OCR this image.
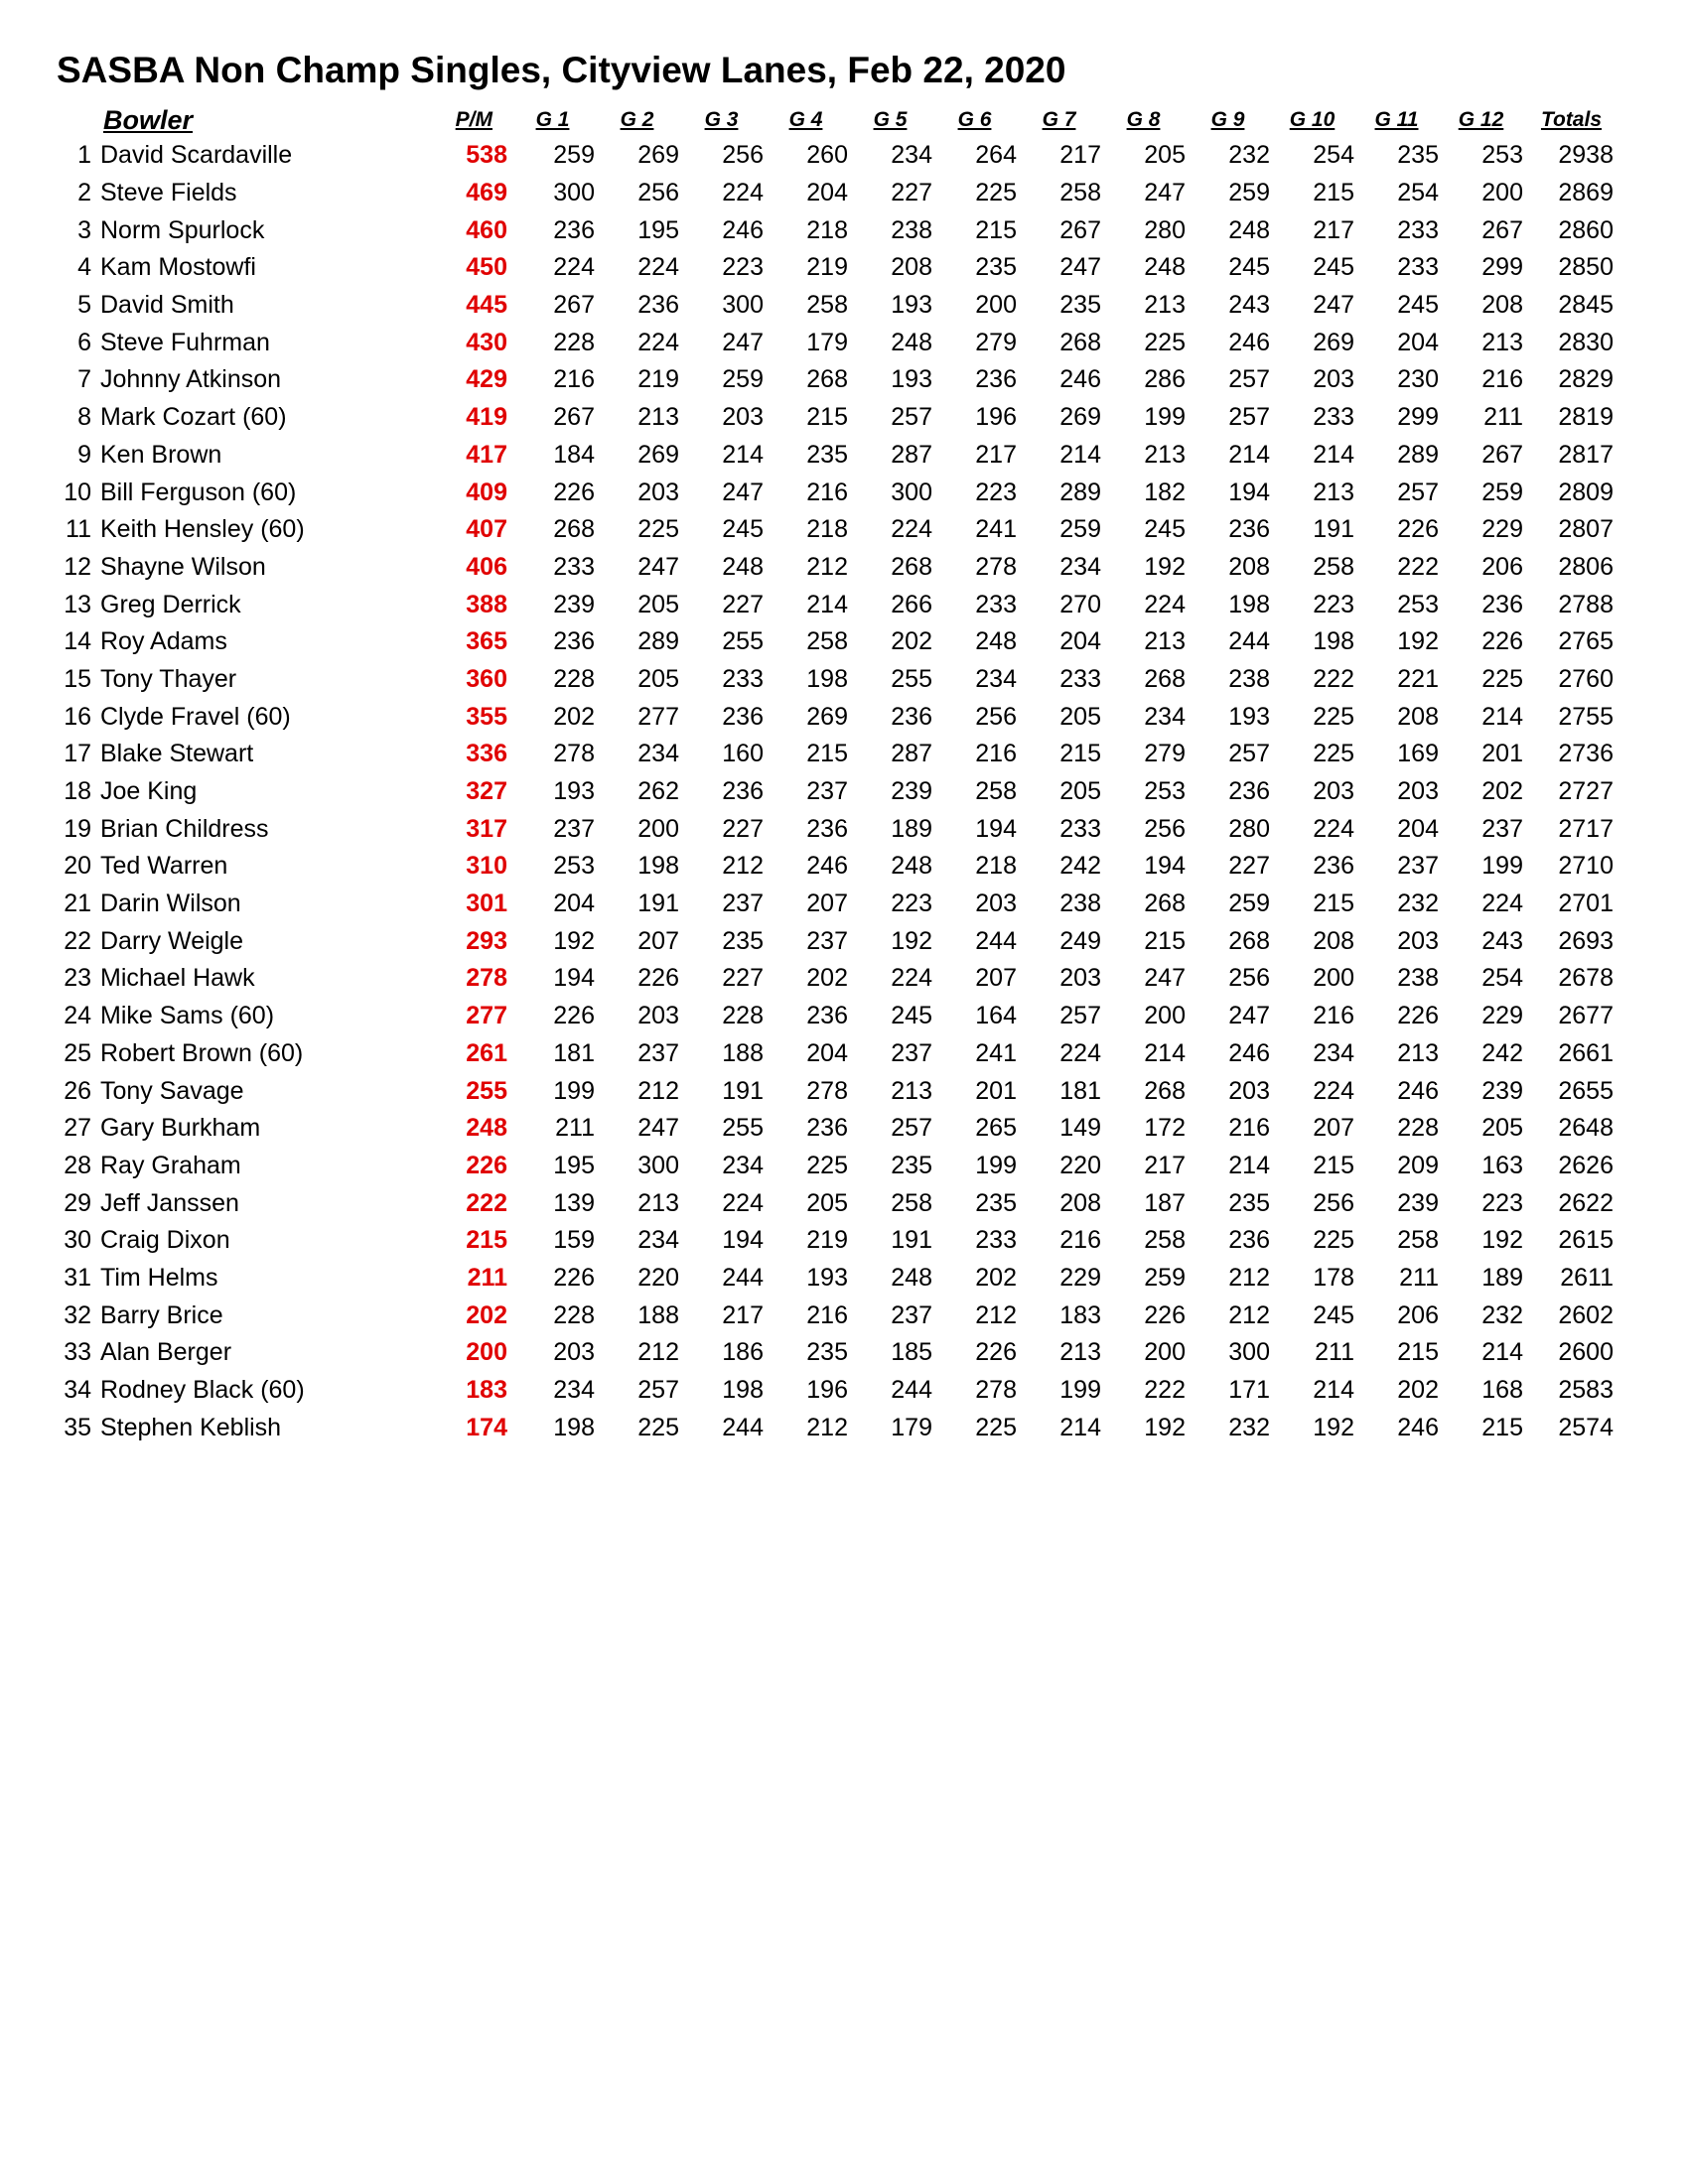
SASBA Non Champ Singles, Cityview Lanes, Feb 22, 2020
Bowler		P/M	G 1	G 2	G 3	G 4	G 5	G 6	G 7	G 8	G 9	G 10	G 11	G 12	Totals
1	David Scardaville	538	259	269	256	260	234	264	217	205	232	254	235	253	2938
2	Steve Fields	469	300	256	224	204	227	225	258	247	259	215	254	200	2869
3	Norm Spurlock	460	236	195	246	218	238	215	267	280	248	217	233	267	2860
4	Kam Mostowfi	450	224	224	223	219	208	235	247	248	245	245	233	299	2850
5	David Smith	445	267	236	300	258	193	200	235	213	243	247	245	208	2845
6	Steve Fuhrman	430	228	224	247	179	248	279	268	225	246	269	204	213	2830
7	Johnny Atkinson	429	216	219	259	268	193	236	246	286	257	203	230	216	2829
8	Mark Cozart (60)	419	267	213	203	215	257	196	269	199	257	233	299	211	2819
9	Ken Brown	417	184	269	214	235	287	217	214	213	214	214	289	267	2817
10	Bill Ferguson (60)	409	226	203	247	216	300	223	289	182	194	213	257	259	2809
11	Keith Hensley (60)	407	268	225	245	218	224	241	259	245	236	191	226	229	2807
12	Shayne Wilson	406	233	247	248	212	268	278	234	192	208	258	222	206	2806
13	Greg Derrick	388	239	205	227	214	266	233	270	224	198	223	253	236	2788
14	Roy Adams	365	236	289	255	258	202	248	204	213	244	198	192	226	2765
15	Tony Thayer	360	228	205	233	198	255	234	233	268	238	222	221	225	2760
16	Clyde Fravel (60)	355	202	277	236	269	236	256	205	234	193	225	208	214	2755
17	Blake Stewart	336	278	234	160	215	287	216	215	279	257	225	169	201	2736
18	Joe King	327	193	262	236	237	239	258	205	253	236	203	203	202	2727
19	Brian Childress	317	237	200	227	236	189	194	233	256	280	224	204	237	2717
20	Ted Warren	310	253	198	212	246	248	218	242	194	227	236	237	199	2710
21	Darin Wilson	301	204	191	237	207	223	203	238	268	259	215	232	224	2701
22	Darry Weigle	293	192	207	235	237	192	244	249	215	268	208	203	243	2693
23	Michael Hawk	278	194	226	227	202	224	207	203	247	256	200	238	254	2678
24	Mike Sams (60)	277	226	203	228	236	245	164	257	200	247	216	226	229	2677
25	Robert Brown (60)	261	181	237	188	204	237	241	224	214	246	234	213	242	2661
26	Tony Savage	255	199	212	191	278	213	201	181	268	203	224	246	239	2655
27	Gary Burkham	248	211	247	255	236	257	265	149	172	216	207	228	205	2648
28	Ray Graham	226	195	300	234	225	235	199	220	217	214	215	209	163	2626
29	Jeff Janssen	222	139	213	224	205	258	235	208	187	235	256	239	223	2622
30	Craig Dixon	215	159	234	194	219	191	233	216	258	236	225	258	192	2615
31	Tim Helms	211	226	220	244	193	248	202	229	259	212	178	211	189	2611
32	Barry Brice	202	228	188	217	216	237	212	183	226	212	245	206	232	2602
33	Alan Berger	200	203	212	186	235	185	226	213	200	300	211	215	214	2600
34	Rodney Black (60)	183	234	257	198	196	244	278	199	222	171	214	202	168	2583
35	Stephen Keblish	174	198	225	244	212	179	225	214	192	232	192	246	215	2574
